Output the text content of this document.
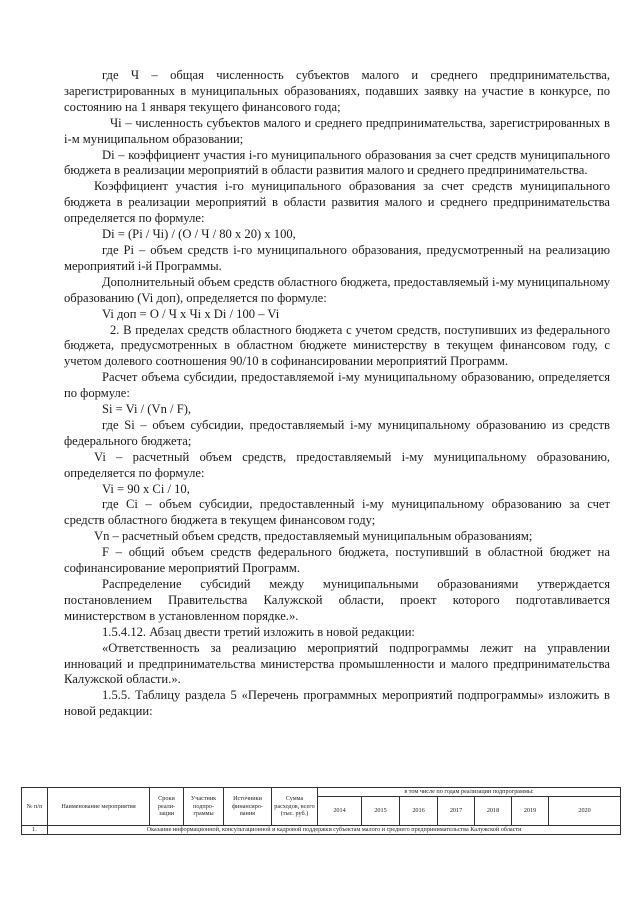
где Ч – общая численность субъектов малого и среднего предпринимательства, зарегистрированных в муниципальных образованиях, подавших заявку на участие в конкурсе, по состоянию на 1 января текущего финансового года;

Чi – численность субъектов малого и среднего предпринимательства, зарегистрированных в i-м муниципальном образовании;

Di – коэффициент участия i-го муниципального образования за счет средств муниципального бюджета в реализации мероприятий в области развития малого и среднего предпринимательства.

Коэффициент участия i-го муниципального образования за счет средств муниципального бюджета в реализации мероприятий в области развития малого и среднего предпринимательства определяется по формуле:

Di = (Pi / Чi) / (О / Ч / 80 х 20) х 100,

где Pi – объем средств i-го муниципального образования, предусмотренный на реализацию мероприятий i-й Программы.

Дополнительный объем средств областного бюджета, предоставляемый i-му муниципальному образованию (Vi доп), определяется по формуле:

Vi доп = О / Ч х Чi х Di / 100 – Vi

2. В пределах средств областного бюджета с учетом средств, поступивших из федерального бюджета, предусмотренных в областном бюджете министерству в текущем финансовом году, с учетом долевого соотношения 90/10 в софинансировании мероприятий Программ.

Расчет объема субсидии, предоставляемой i-му муниципальному образованию, определяется по формуле:

Si = Vi / (Vn / F),

где Si – объем субсидии, предоставляемый i-му муниципальному образованию из средств федерального бюджета;

Vi – расчетный объем средств, предоставляемый i-му муниципальному образованию, определяется по формуле:

Vi = 90 х Сi / 10,

где Сi – объем субсидии, предоставленный i-му муниципальному образованию за счет средств областного бюджета в текущем финансовом году;

Vn – расчетный объем средств, предоставляемый муниципальным образованиям;

F – общий объем средств федерального бюджета, поступивший в областной бюджет на софинансирование мероприятий Программ.

Распределение субсидий между муниципальными образованиями утверждается постановлением Правительства Калужской области, проект которого подготавливается министерством в установленном порядке.».

1.5.4.12. Абзац двести третий изложить в новой редакции:

«Ответственность за реализацию мероприятий подпрограммы лежит на управлении инноваций и предпринимательства министерства промышленности и малого предпринимательства Калужской области.».

1.5.5. Таблицу раздела 5 «Перечень программных мероприятий подпрограммы» изложить в новой редакции:

№ п/п	Наименование мероприятия	Сроки реали-зации	Участник подпро-граммы	Источники финансиро-вания	Сумма расходов, всего (тыс. руб.)	в том числе по годам реализации подпрограммы:						
						2014	2015	2016	2017	2018	2019	2020
1.	Оказание информационной, консультационной и кадровой поддержки субъектам малого и среднего предпринимательства Калужской области											
